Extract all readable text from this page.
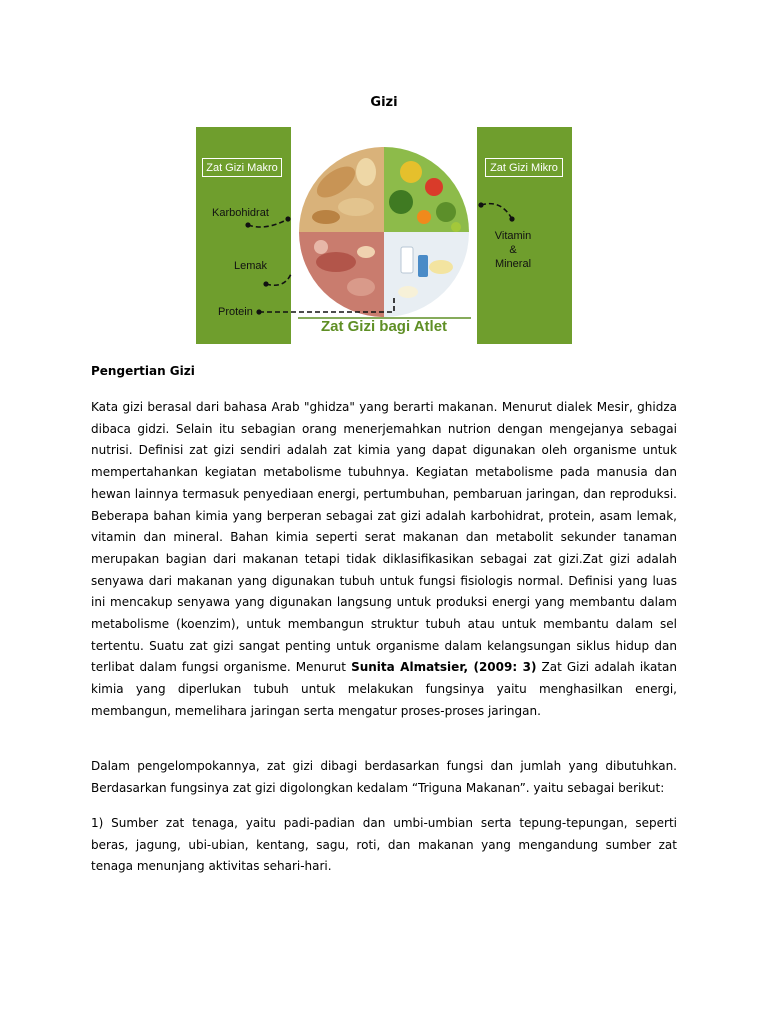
Gizi
Zat Gizi Makro	Zat Gizi Mikro
Karbohidrat
Lemak
Protein
Vitamin
&
Mineral
Zat Gizi bagi Atlet
Pengertian Gizi

Kata gizi berasal dari bahasa Arab "ghidza" yang berarti makanan. Menurut dialek Mesir, ghidza dibaca gidzi. Selain itu sebagian orang menerjemahkan nutrion dengan mengejanya sebagai nutrisi. Definisi zat gizi sendiri adalah zat kimia yang dapat digunakan oleh organisme untuk mempertahankan kegiatan metabolisme tubuhnya. Kegiatan metabolisme pada manusia dan hewan lainnya termasuk penyediaan energi, pertumbuhan, pembaruan jaringan, dan reproduksi. Beberapa bahan kimia yang berperan sebagai zat gizi adalah karbohidrat, protein, asam lemak, vitamin dan mineral. Bahan kimia seperti serat makanan dan metabolit sekunder tanaman merupakan bagian dari makanan tetapi tidak diklasifikasikan sebagai zat gizi.Zat gizi adalah senyawa dari makanan yang digunakan tubuh untuk fungsi fisiologis normal. Definisi yang luas ini mencakup senyawa yang digunakan langsung untuk produksi energi yang membantu dalam metabolisme (koenzim), untuk membangun struktur tubuh atau untuk membantu dalam sel tertentu. Suatu zat gizi sangat penting untuk organisme dalam kelangsungan siklus hidup dan terlibat dalam fungsi organisme. Menurut Sunita Almatsier, (2009: 3) Zat Gizi adalah ikatan kimia yang diperlukan tubuh untuk melakukan fungsinya yaitu menghasilkan energi, membangun, memelihara jaringan serta mengatur proses-proses jaringan.

Dalam pengelompokannya, zat gizi dibagi berdasarkan fungsi dan jumlah yang dibutuhkan. Berdasarkan fungsinya zat gizi digolongkan kedalam “Triguna Makanan”. yaitu sebagai berikut:

1) Sumber zat tenaga, yaitu padi-padian dan umbi-umbian serta tepung-tepungan, seperti beras, jagung, ubi-ubian, kentang, sagu, roti, dan makanan yang mengandung sumber zat tenaga menunjang aktivitas sehari-hari.
